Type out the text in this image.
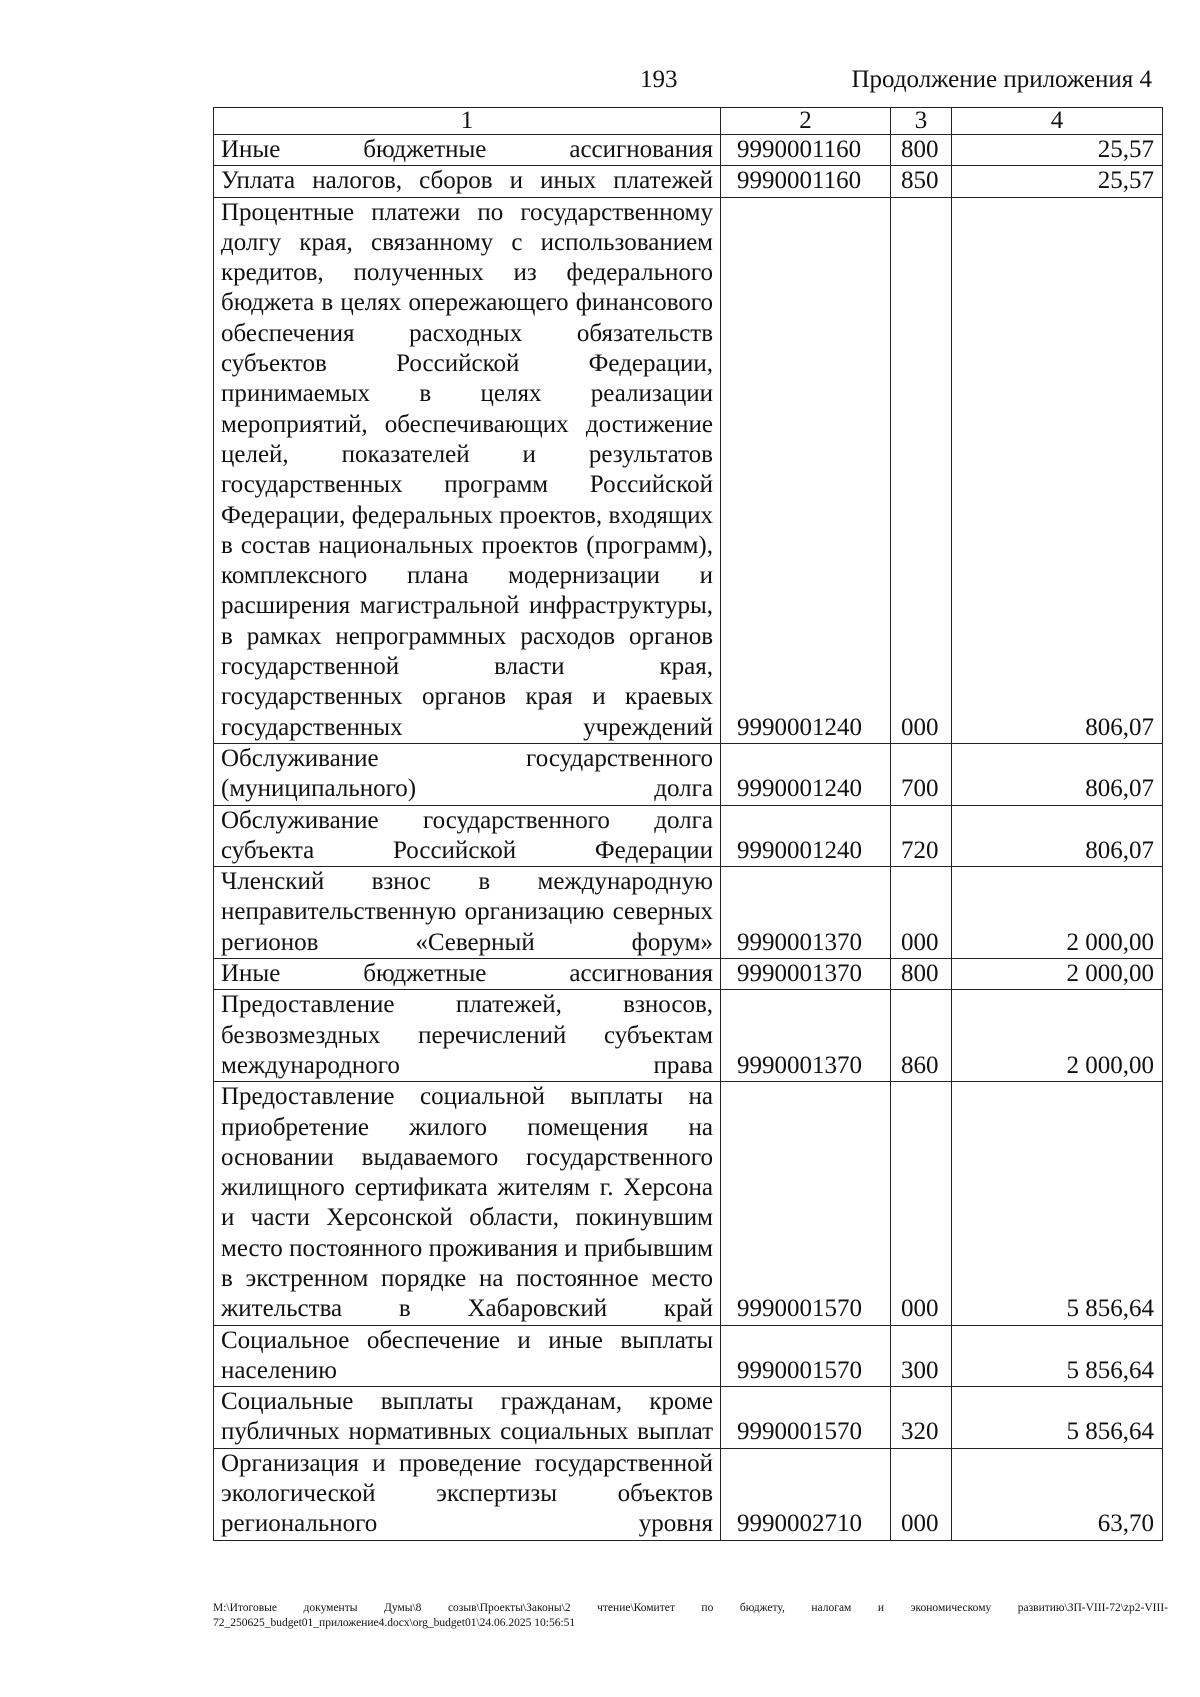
193	Продолжение приложения 4
1	2	3	4
Иные бюджетные ассигнования	9990001160	800	25,57
Уплата налогов, сборов и иных платежей	9990001160	850	25,57
Процентные платежи по государственному долгу края, связанному с использованием кредитов, полученных из федерального бюджета в целях опережающего финансового обеспечения расходных обязательств субъектов Российской Федерации, принимаемых в целях реализации мероприятий, обеспечивающих достижение целей, показателей и результатов государственных программ Российской Федерации, федеральных проектов, входящих в состав национальных проектов (программ), комплексного плана модернизации и расширения магистральной инфраструктуры, в рамках непрограммных расходов органов государственной власти края, государственных органов края и краевых государственных учреждений	9990001240	000	806,07
Обслуживание государственного (муниципального) долга	9990001240	700	806,07
Обслуживание государственного долга субъекта Российской Федерации	9990001240	720	806,07
Членский взнос в международную неправительственную организацию северных регионов «Северный форум»	9990001370	000	2 000,00
Иные бюджетные ассигнования	9990001370	800	2 000,00
Предоставление платежей, взносов, безвозмездных перечислений субъектам международного права	9990001370	860	2 000,00
Предоставление социальной выплаты на приобретение жилого помещения на основании выдаваемого государственного жилищного сертификата жителям г. Херсона и части Херсонской области, покинувшим место постоянного проживания и прибывшим в экстренном порядке на постоянное место жительства в Хабаровский край	9990001570	000	5 856,64
Социальное обеспечение и иные выплаты населению	9990001570	300	5 856,64
Социальные выплаты гражданам, кроме публичных нормативных социальных выплат	9990001570	320	5 856,64
Организация и проведение государственной экологической экспертизы объектов регионального уровня	9990002710	000	63,70
M:\Итоговые документы Думы\8 созыв\Проекты\Законы\2 чтение\Комитет по бюджету, налогам и экономическому развитию\ЗП-VIII-72\zp2-VIII-72_250625_budget01_приложение4.docx\org_budget01\24.06.2025 10:56:51
